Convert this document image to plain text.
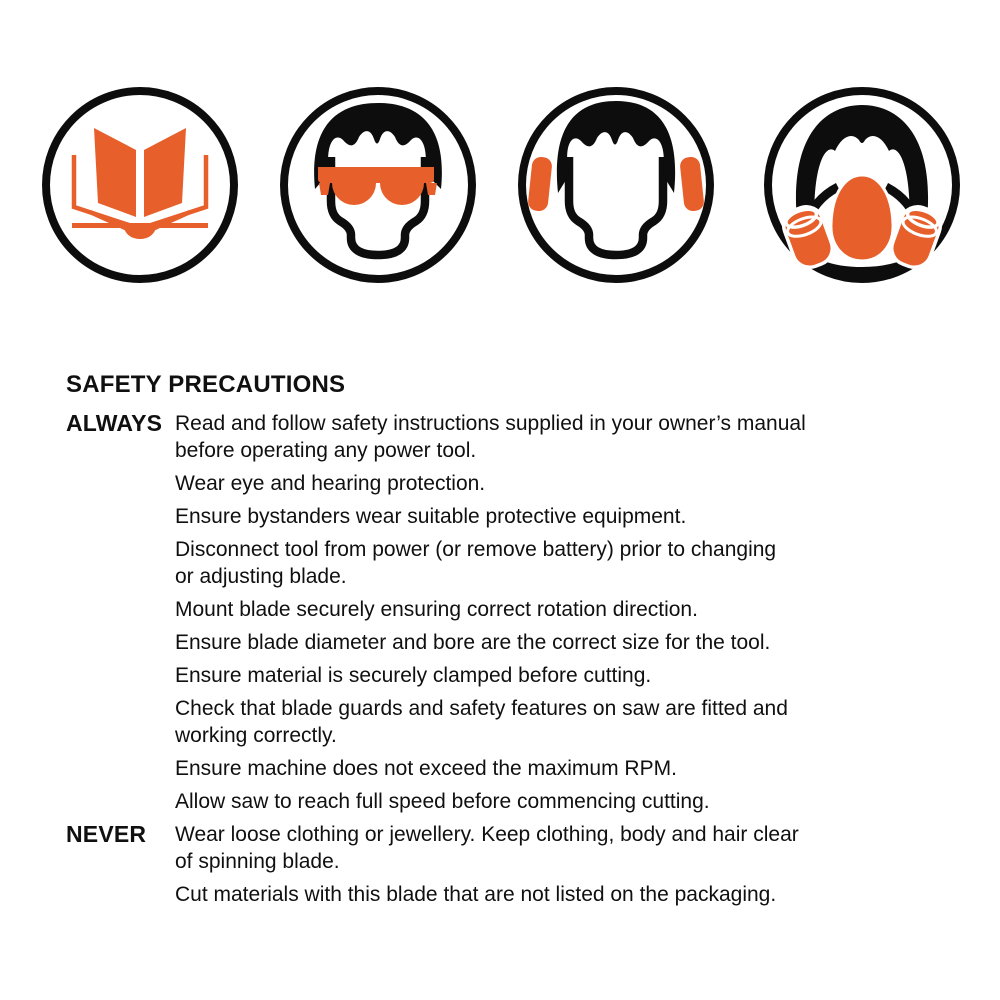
SAFETY PRECAUTIONS
ALWAYS Read and follow safety instructions supplied in your owner’s manual
before operating any power tool.
Wear eye and hearing protection.
Ensure bystanders wear suitable protective equipment.
Disconnect tool from power (or remove battery) prior to changing
or adjusting blade.
Mount blade securely ensuring correct rotation direction.
Ensure blade diameter and bore are the correct size for the tool.
Ensure material is securely clamped before cutting.
Check that blade guards and safety features on saw are fitted and
working correctly.
Ensure machine does not exceed the maximum RPM.
Allow saw to reach full speed before commencing cutting.
NEVER	Wear loose clothing or jewellery. Keep clothing, body and hair clear
of spinning blade.
Cut materials with this blade that are not listed on the packaging.
